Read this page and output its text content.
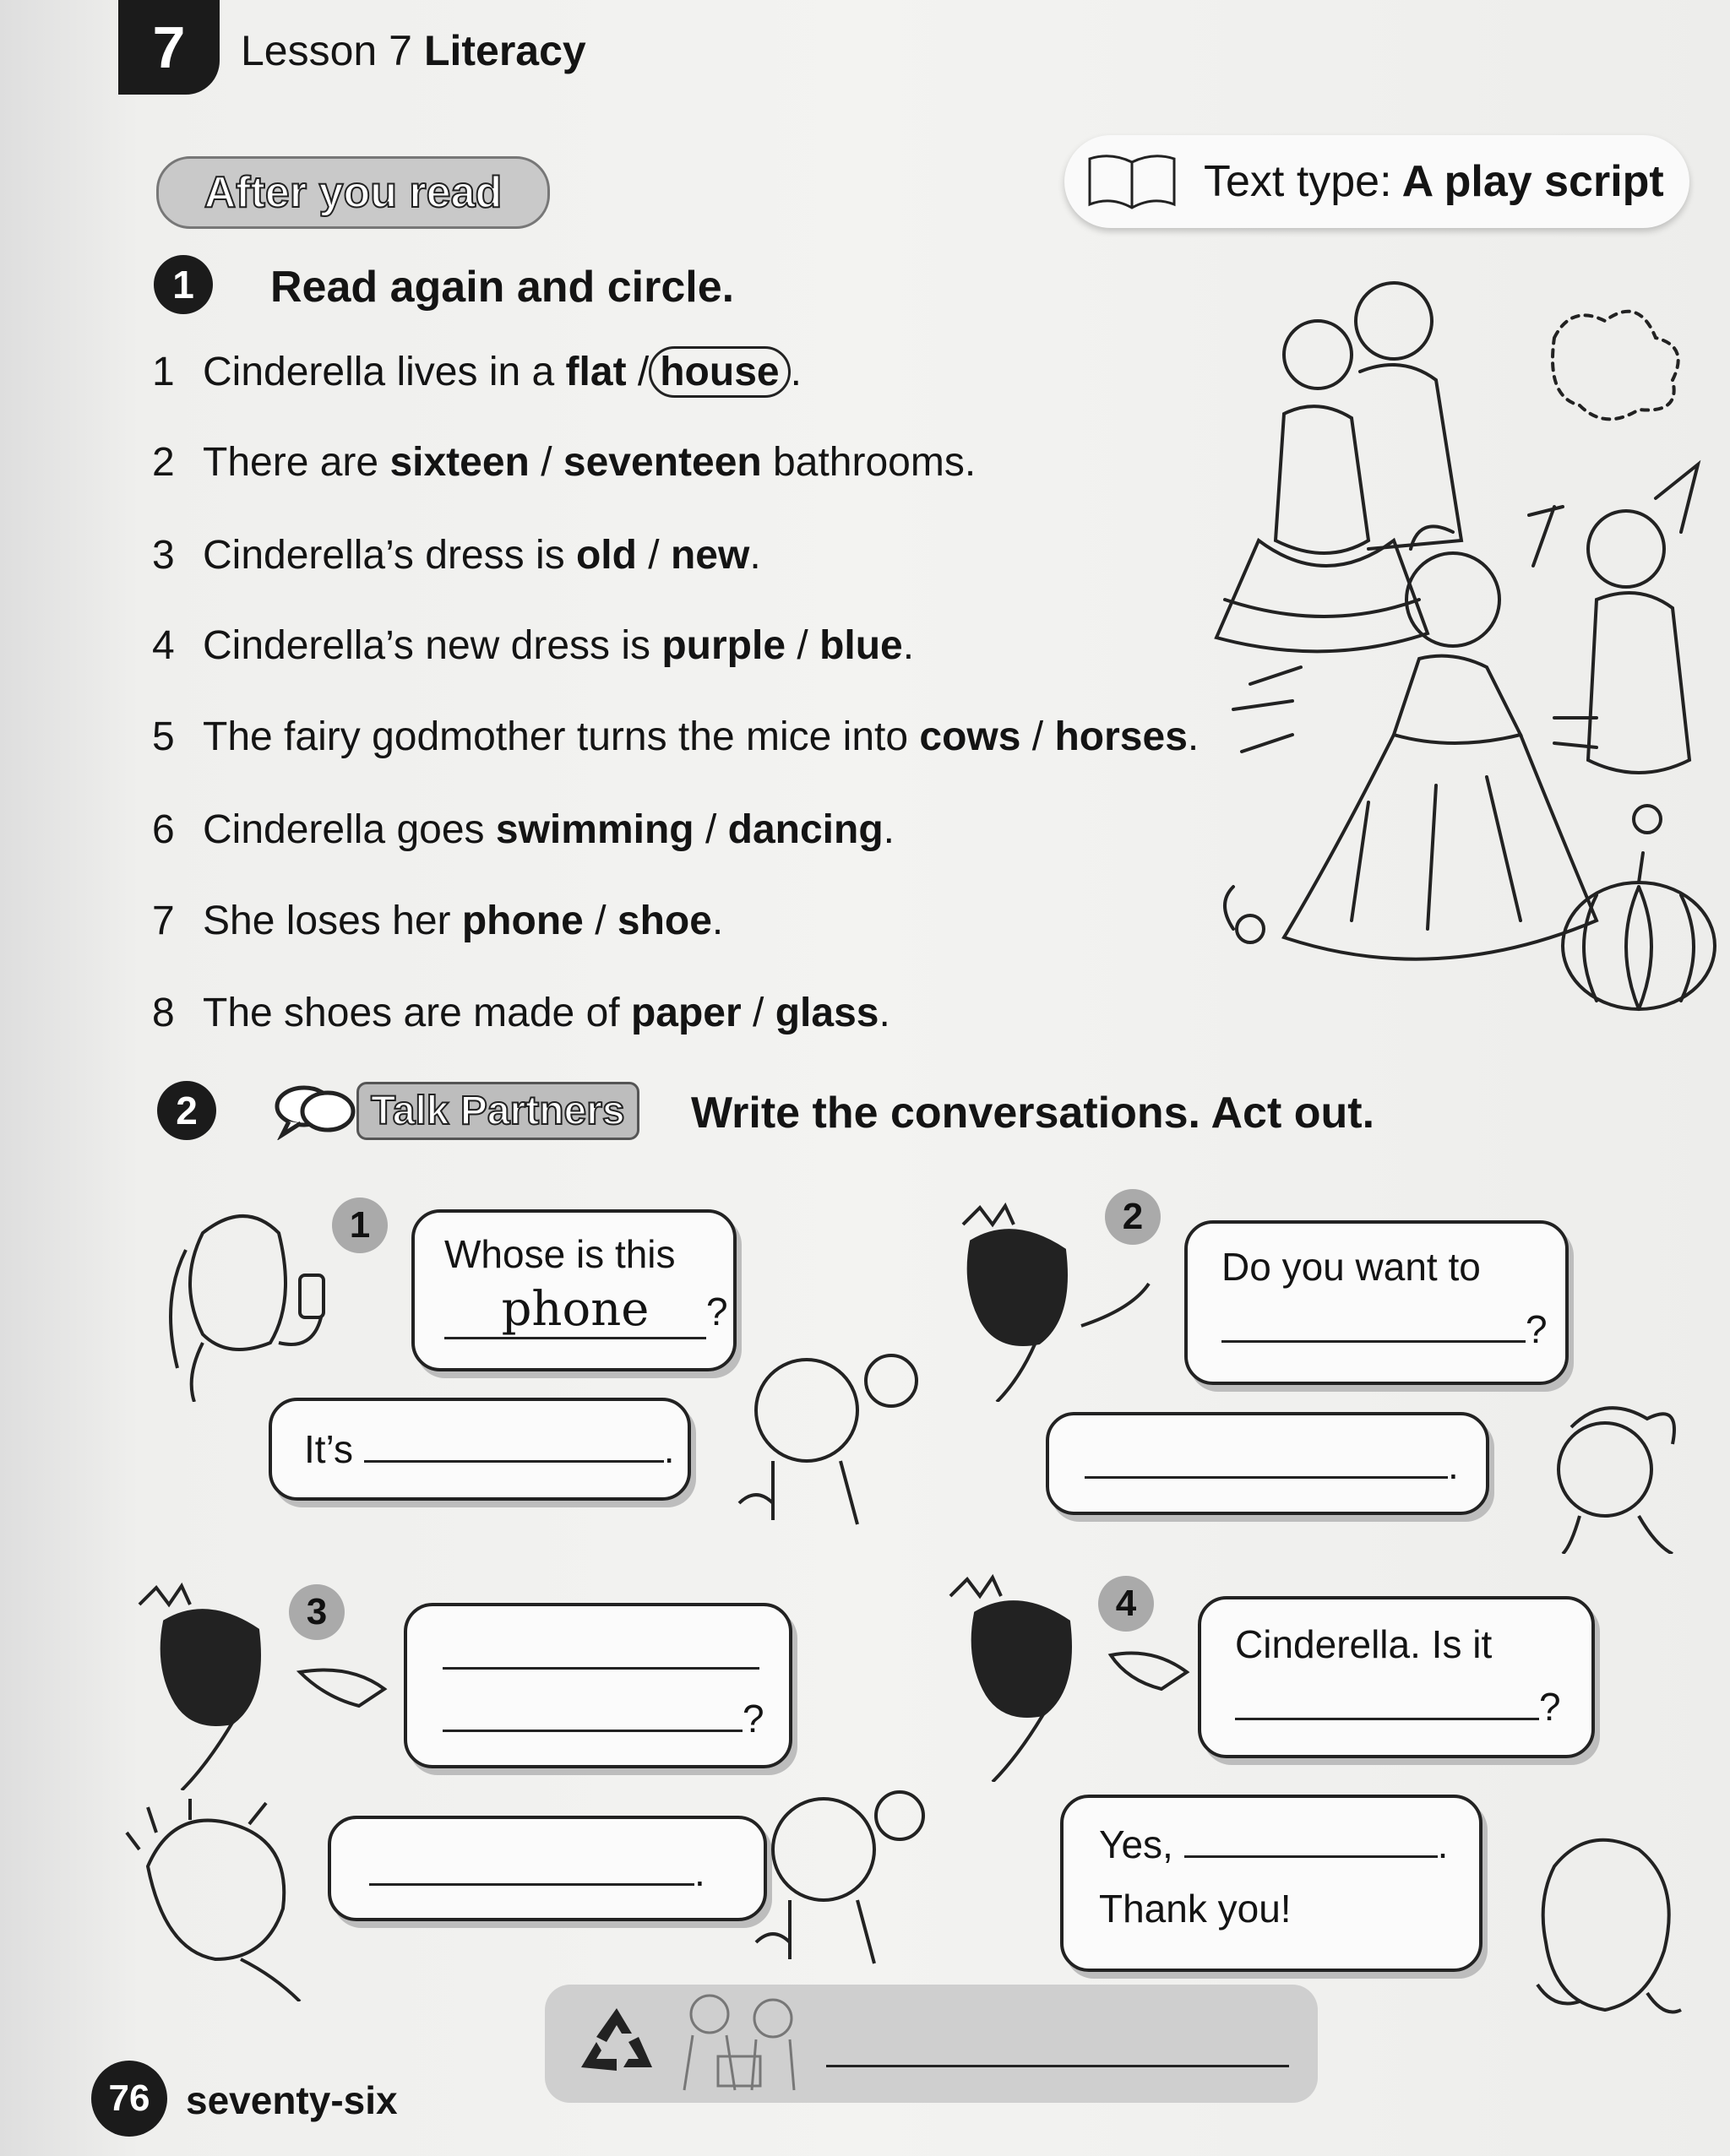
7 Lesson 7 Literacy
After you read	Text type: A play script
1	Read again and circle.
1 Cinderella lives in a
flat
/ house .
2 There are
sixteen
/
seventeen
bathrooms.
3 Cinderella’s dress is
old
/
new .
4 Cinderella’s new dress is
purple
/
blue .
5 The fairy godmother turns the mice into
cows
/
horses .
6 Cinderella goes
swimming
/
dancing .
7 She loses her
phone
/
shoe .
8 The shoes are made of
paper
/
glass .
2	Talk Partners	Write the conversations. Act out.
1
Whose is this
phone ?
It’s	.
2
Do you want to
?
.
3
?
.
4
Cinderella. Is it
?
Yes,	.
Thank you!
76 seventy-six
